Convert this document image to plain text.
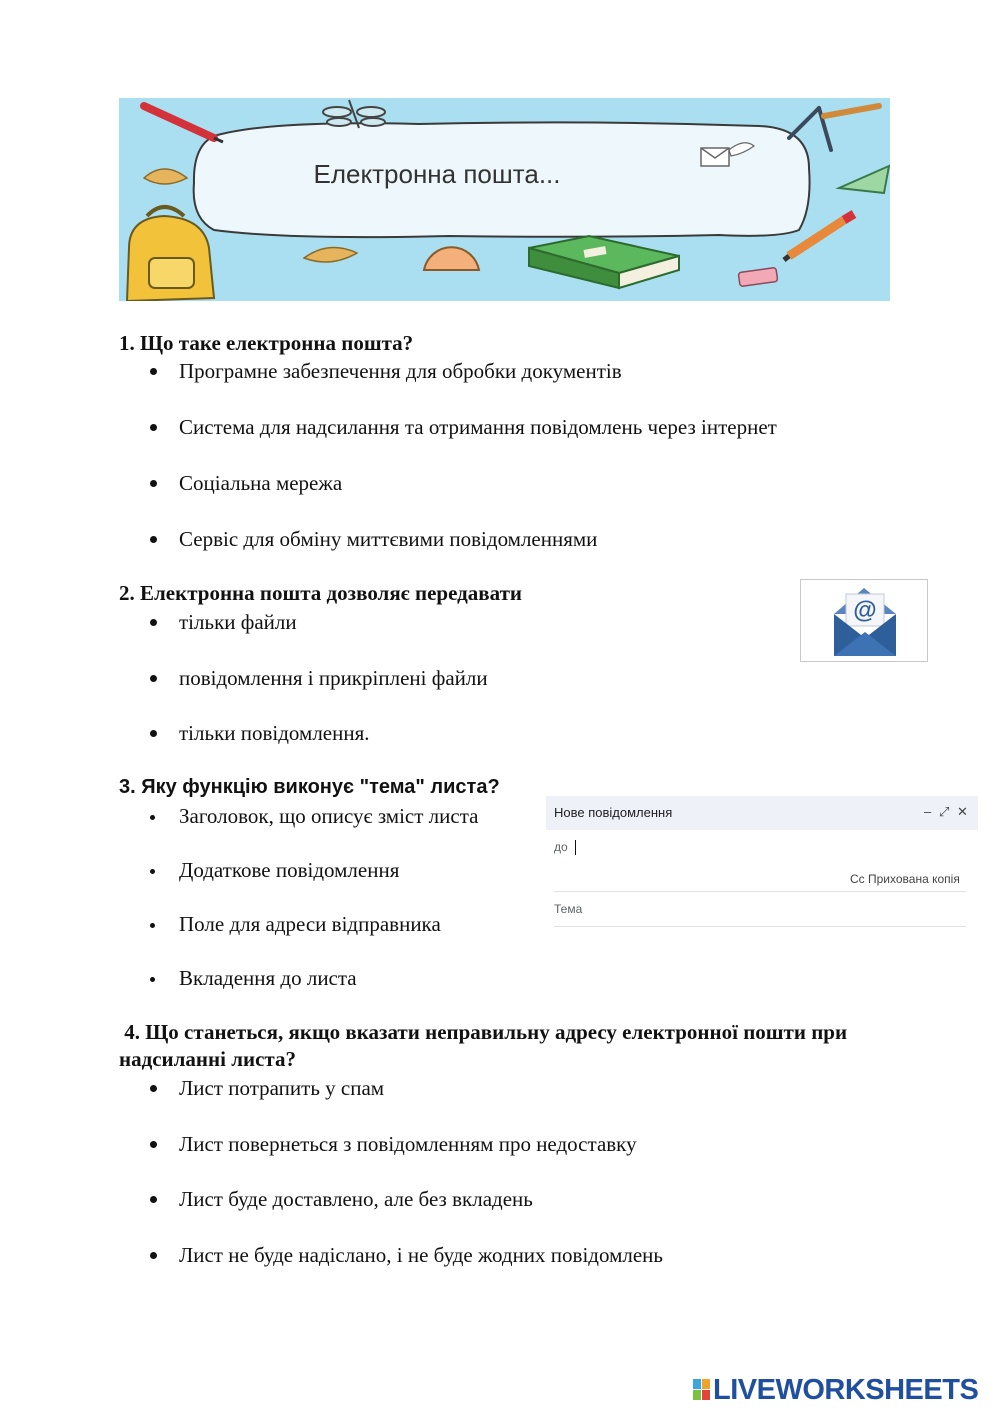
Електронна пошта...

1. Що таке електронна пошта?

Програмне забезпечення для обробки документів
Система для надсилання та отримання повідомлень через інтернет
Соціальна мережа
Сервіс для обміну миттєвими повідомленнями

2. Електронна пошта дозволяє передавати

тільки файли
повідомлення і прикріплені файли
тільки повідомлення.
@

3. Яку функцію виконує "тема" листа?

Заголовок, що описує зміст листа
Додаткове повідомлення
Поле для адреси відправника
Вкладення до листа
Нове повідомлення	– ⤢ ✕
до
Сс Прихована копія
Тема

4. Що станеться, якщо вказати неправильну адресу електронної пошти при

надсиланні листа?

Лист потрапить у спам
Лист повернеться з повідомленням про недоставку
Лист буде доставлено, але без вкладень
Лист не буде надіслано, і не буде жодних повідомлень
LIVEWORKSHEETS
